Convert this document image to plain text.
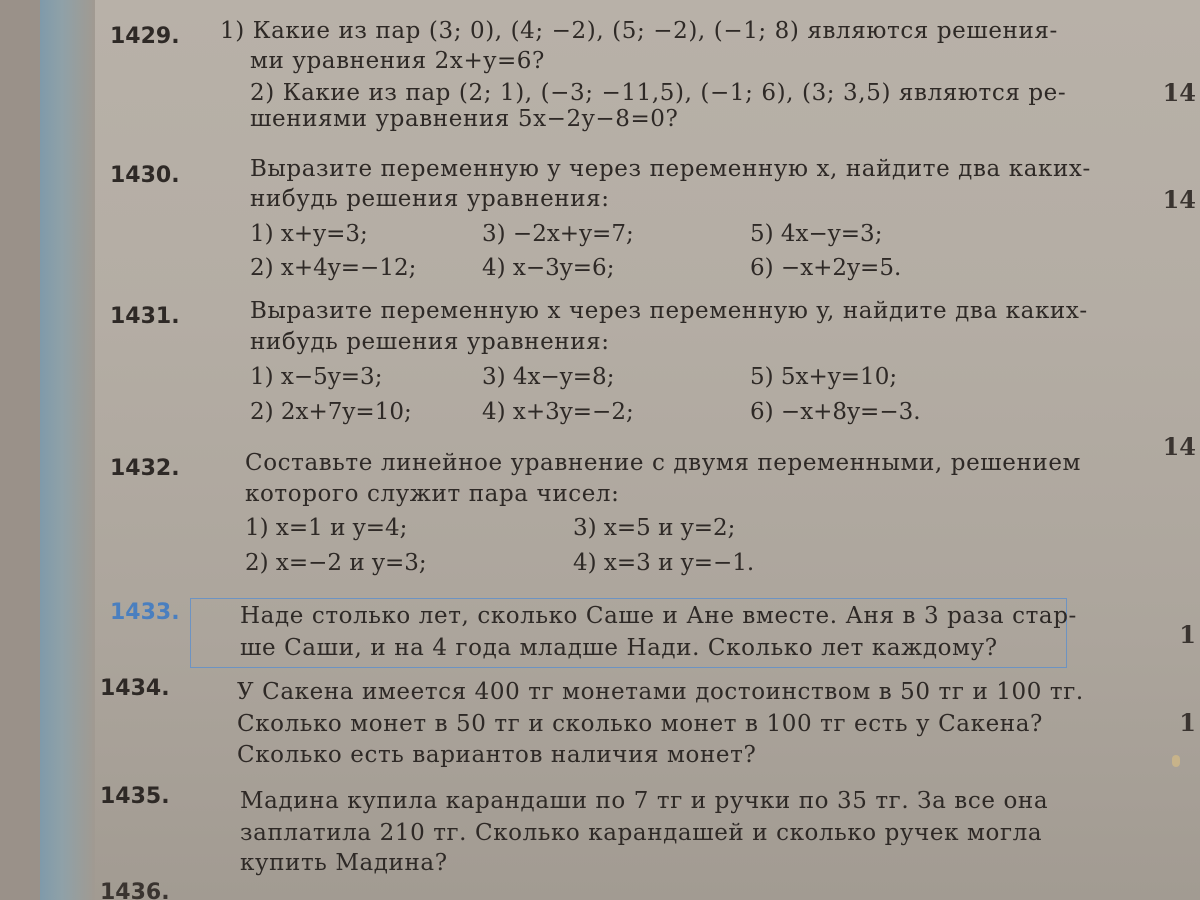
1429. 1) Какие из пар (3; 0), (4; −2), (5; −2), (−1; 8) являются решения-
ми уравнения 2x+y=6?
2) Какие из пар (2; 1), (−3; −11,5), (−1; 6), (3; 3,5) являются ре-
шениями уравнения 5x−2y−8=0?
1430.	Выразите переменную y через переменную x, найдите два каких-
нибудь решения уравнения:
1) x+y=3;	3) −2x+y=7;	5) 4x−y=3;
2) x+4y=−12;	4) x−3y=6;	6) −x+2y=5.
1431.	Выразите переменную x через переменную y, найдите два каких-
нибудь решения уравнения:
1) x−5y=3;	3) 4x−y=8;	5) 5x+y=10;
2) 2x+7y=10;	4) x+3y=−2;	6) −x+8y=−3.
1432.	Составьте линейное уравнение с двумя переменными, решением
которого служит пара чисел:
1) x=1 и y=4;	3) x=5 и y=2;
2) x=−2 и y=3;	4) x=3 и y=−1.
1433.	Наде столько лет, сколько Саше и Ане вместе. Аня в 3 раза стар-
ше Саши, и на 4 года младше Нади. Сколько лет каждому?
1434.	У Сакена имеется 400 тг монетами достоинством в 50 тг и 100 тг.
Сколько монет в 50 тг и сколько монет в 100 тг есть у Сакена?
Сколько есть вариантов наличия монет?
1435.	Мадина купила карандаши по 7 тг и ручки по 35 тг. За все она
заплатила 210 тг. Сколько карандашей и сколько ручек могла
купить Мадина?
1436.
14
14
14
1
1
